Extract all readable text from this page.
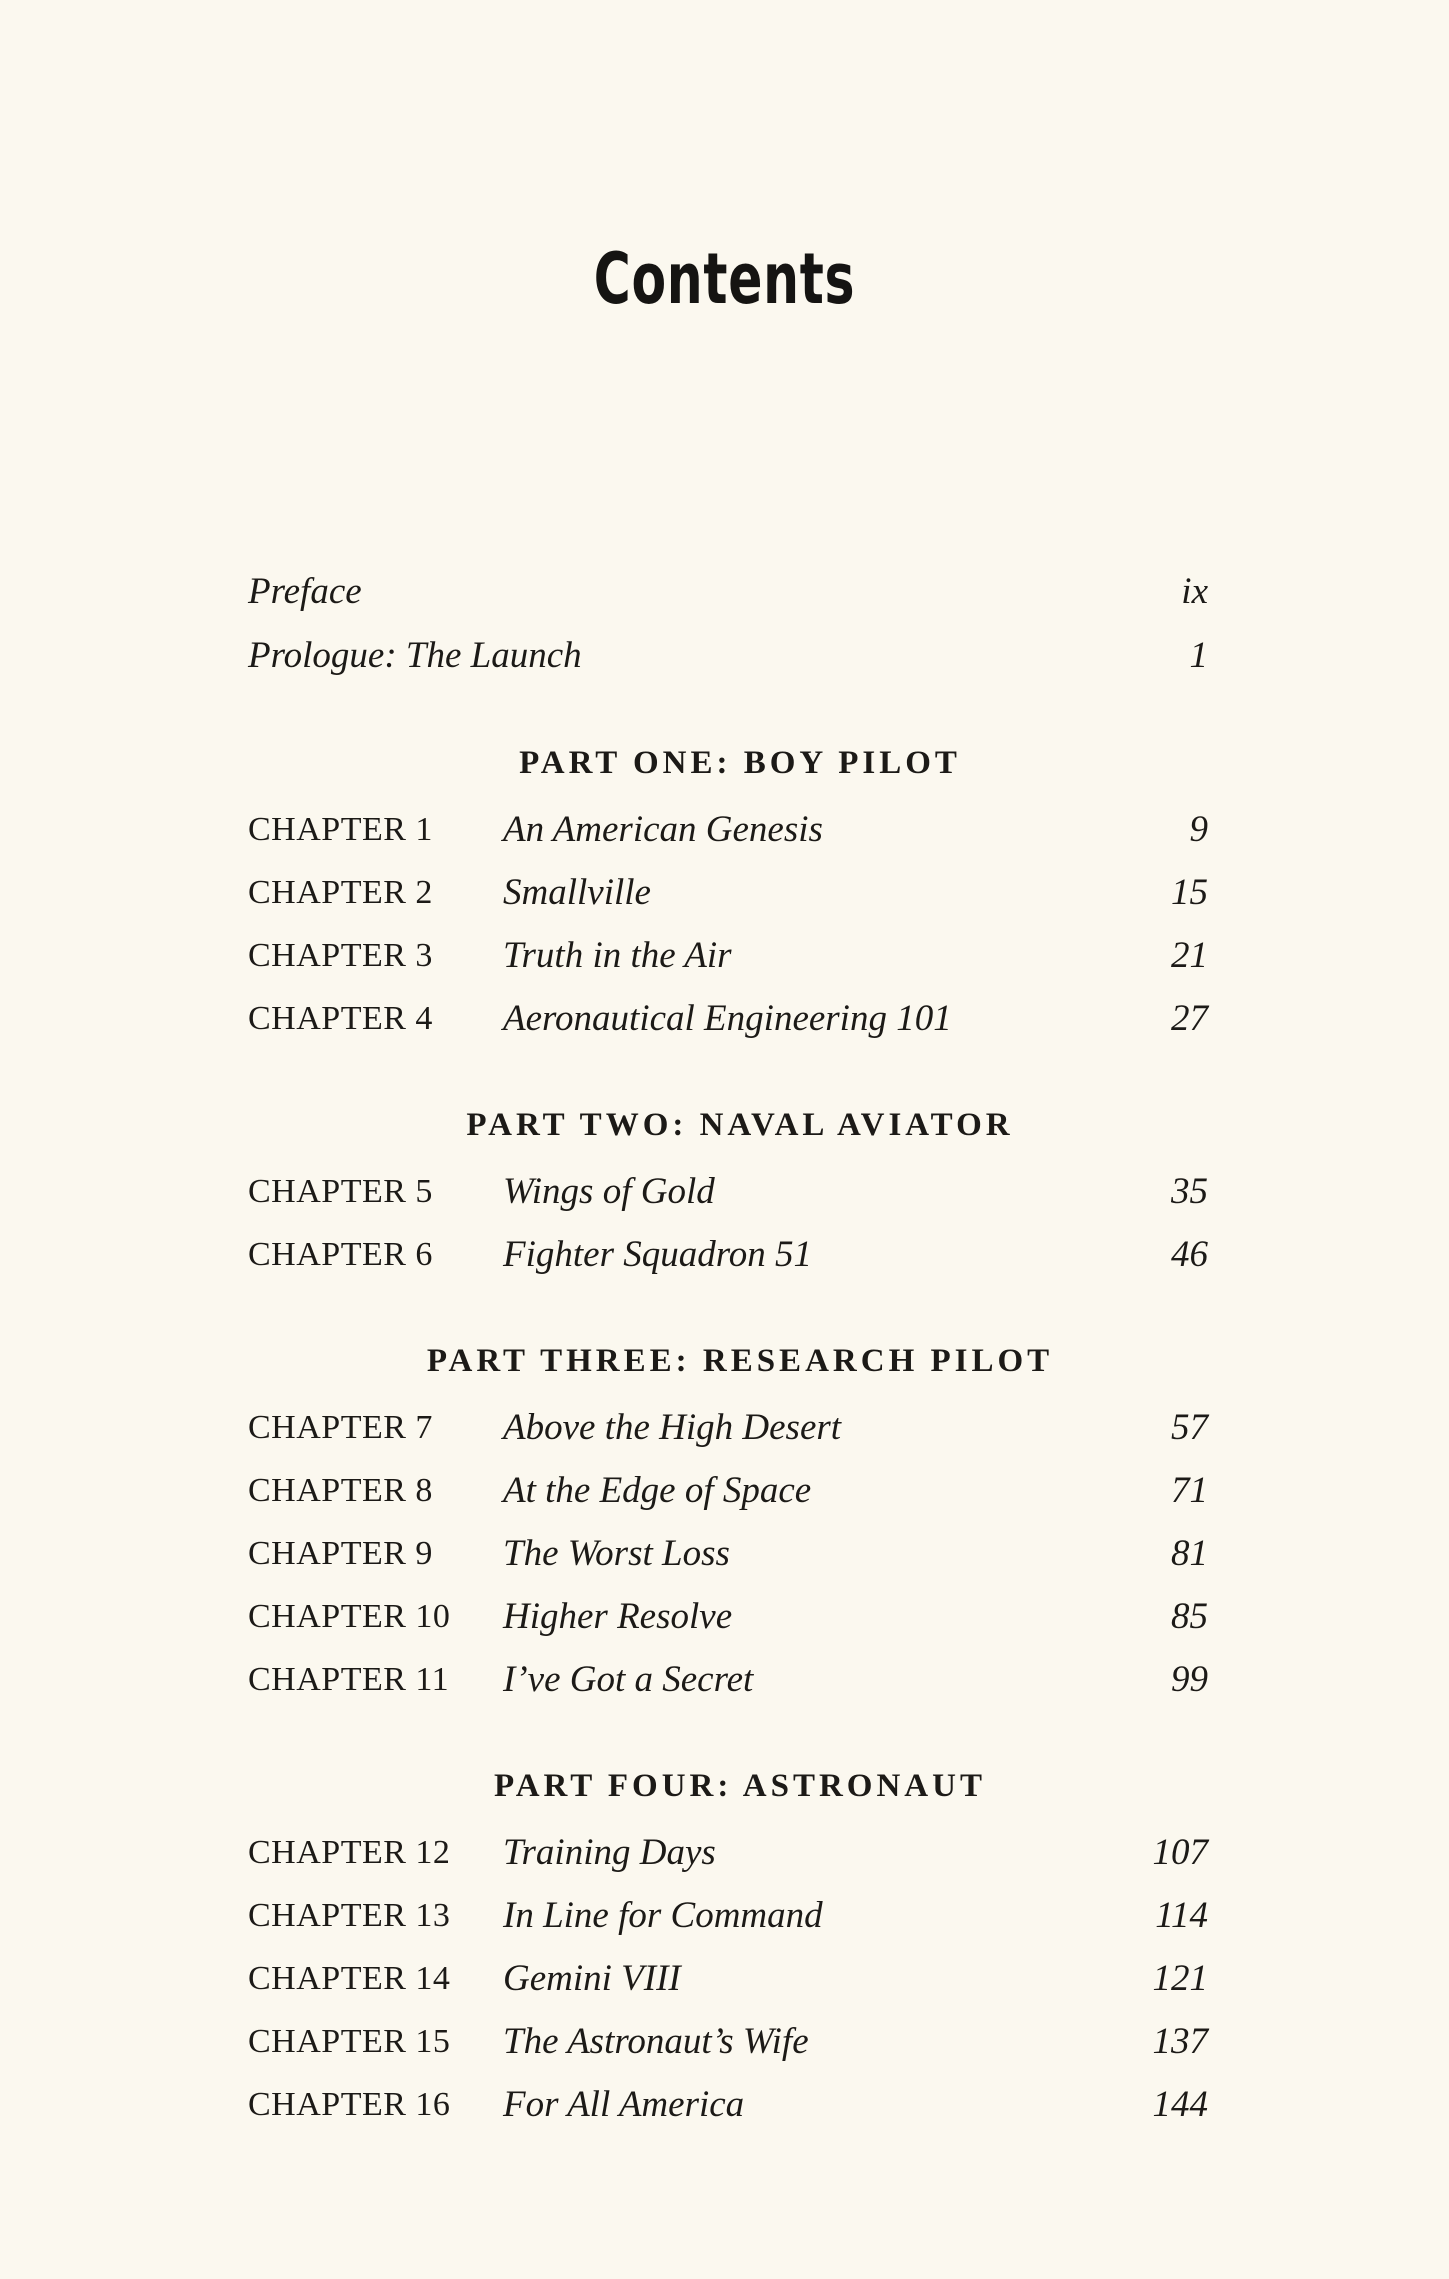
Contents
Preface	ix
Prologue: The Launch	1
PART ONE: BOY PILOT
CHAPTER 1 An American Genesis	9
CHAPTER 2 Smallville	15
CHAPTER 3 Truth in the Air	21
CHAPTER 4 Aeronautical Engineering 101	27
PART TWO: NAVAL AVIATOR
CHAPTER 5 Wings of Gold	35
CHAPTER 6 Fighter Squadron 51	46
PART THREE: RESEARCH PILOT
CHAPTER 7 Above the High Desert	57
CHAPTER 8 At the Edge of Space	71
CHAPTER 9 The Worst Loss	81
CHAPTER 10 Higher Resolve	85
CHAPTER 11 I’ve Got a Secret	99
PART FOUR: ASTRONAUT
CHAPTER 12 Training Days	107
CHAPTER 13 In Line for Command	114
CHAPTER 14 Gemini VIII	121
CHAPTER 15 The Astronaut’s Wife	137
CHAPTER 16 For All America	144
